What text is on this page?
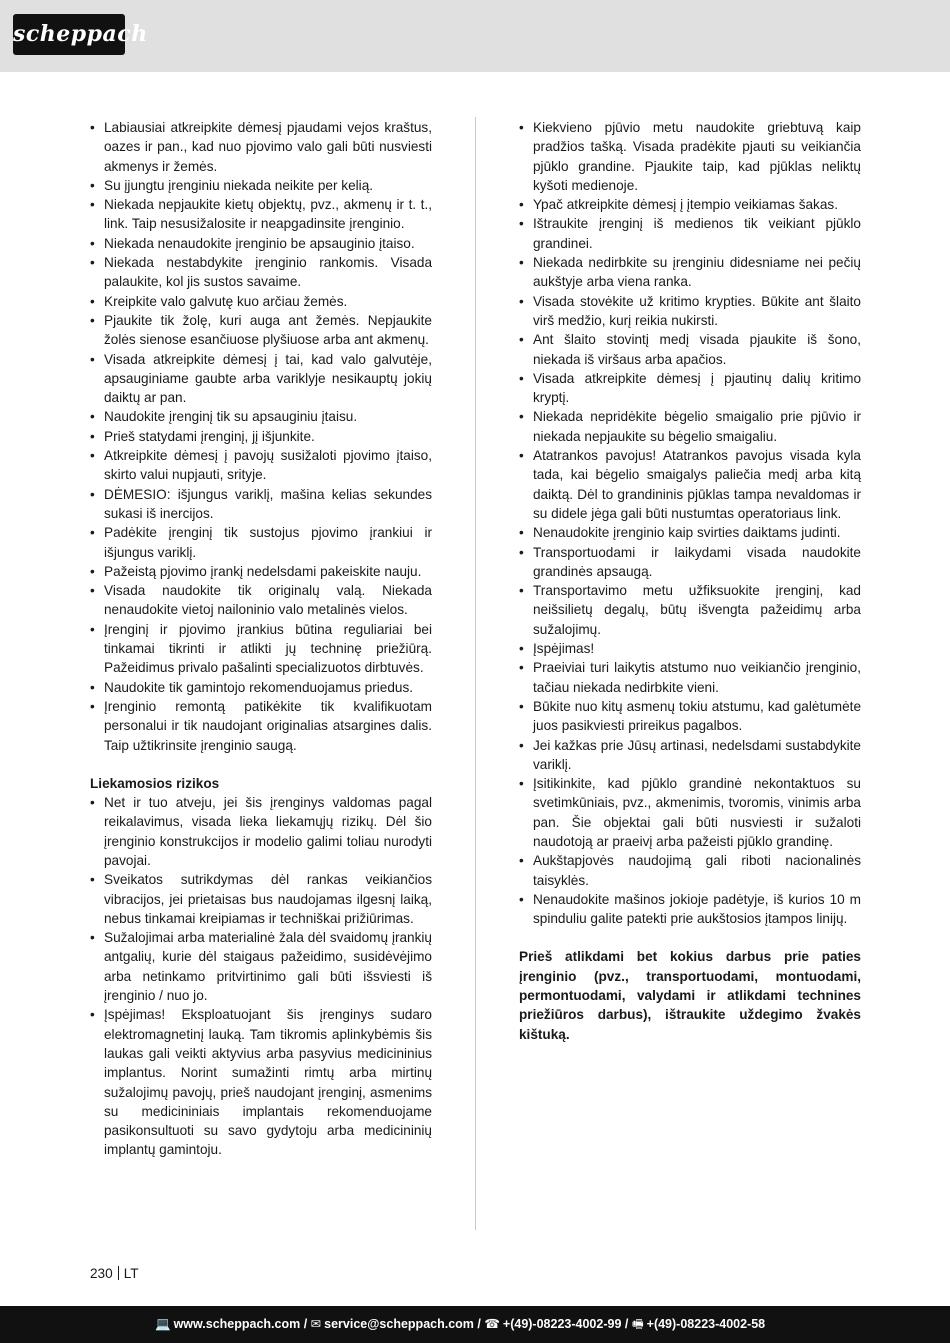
scheppach
• Labiausiai atkreipkite dėmesį pjaudami vejos kraštus, oazes ir pan., kad nuo pjovimo valo gali būti nusviesti akmenys ir žemės.
• Su įjungtu įrenginiu niekada neikite per kelią.
• Niekada nepjaukite kietų objektų, pvz., akmenų ir t. t., link. Taip nesusižalosite ir neapgadinsite įrenginio.
• Niekada nenaudokite įrenginio be apsauginio įtaiso.
• Niekada nestabdykite įrenginio rankomis. Visada palaukite, kol jis sustos savaime.
• Kreipkite valo galvutę kuo arčiau žemės.
• Pjaukite tik žolę, kuri auga ant žemės. Nepjaukite žolės sienose esančiuose plyšiuose arba ant akmenų.
• Visada atkreipkite dėmesį į tai, kad valo galvutėje, apsauginiame gaubte arba variklyje nesikauptų jokių daiktų ar pan.
• Naudokite įrenginį tik su apsauginiu įtaisu.
• Prieš statydami įrenginį, jį išjunkite.
• Atkreipkite dėmesį į pavojų susižaloti pjovimo įtaiso, skirto valui nupjauti, srityje.
• DĖMESIO: išjungus variklį, mašina kelias sekundes sukasi iš inercijos.
• Padėkite įrenginį tik sustojus pjovimo įrankiui ir išjungus variklį.
• Pažeistą pjovimo įrankį nedelsdami pakeiskite nauju.
• Visada naudokite tik originalų valą. Niekada nenaudokite vietoj nailoninio valo metalinės vielos.
• Įrenginį ir pjovimo įrankius būtina reguliariai bei tinkamai tikrinti ir atlikti jų techninę priežiūrą. Pažeidimus privalo pašalinti specializuotos dirbtuvės.
• Naudokite tik gamintojo rekomenduojamus priedus.
• Įrenginio remontą patikėkite tik kvalifikuotam personalui ir tik naudojant originalias atsargines dalis. Taip užtikrinsite įrenginio saugą.
Liekamosios rizikos
• Net ir tuo atveju, jei šis įrenginys valdomas pagal reikalavimus, visada lieka liekamųjų rizikų. Dėl šio įrenginio konstrukcijos ir modelio galimi toliau nurodyti pavojai.
• Sveikatos sutrikdymas dėl rankas veikiančios vibracijos, jei prietaisas bus naudojamas ilgesnį laiką, nebus tinkamai kreipiamas ir techniškai prižiūrimas.
• Sužalojimai arba materialinė žala dėl svaidomų įrankių antgalių, kurie dėl staigaus pažeidimo, susidėvėjimo arba netinkamo pritvirtinimo gali būti išsviesti iš įrenginio / nuo jo.
• Įspėjimas! Eksploatuojant šis įrenginys sudaro elektromagnetinį lauką. Tam tikromis aplinkybėmis šis laukas gali veikti aktyvius arba pasyvius medicininius implantus. Norint sumažinti rimtų arba mirtinų sužalojimų pavojų, prieš naudojant įrenginį, asmenims su medicininiais implantais rekomenduojame pasikonsultuoti su savo gydytoju arba medicininių implantų gamintoju.
• Kiekvieno pjūvio metu naudokite griebtuvą kaip pradžios tašką. Visada pradėkite pjauti su veikiančia pjūklo grandine. Pjaukite taip, kad pjūklas neliktų kyšoti medienoje.
• Ypač atkreipkite dėmesį į įtempio veikiamas šakas.
• Ištraukite įrenginį iš medienos tik veikiant pjūklo grandinei.
• Niekada nedirbkite su įrenginiu didesniame nei pečių aukštyje arba viena ranka.
• Visada stovėkite už kritimo krypties. Būkite ant šlaito virš medžio, kurį reikia nukirsti.
• Ant šlaito stovintį medį visada pjaukite iš šono, niekada iš viršaus arba apačios.
• Visada atkreipkite dėmesį į pjautinų dalių kritimo kryptį.
• Niekada nepridėkite bėgelio smaigalio prie pjūvio ir niekada nepjaukite su bėgelio smaigaliu.
• Atatrankos pavojus! Atatrankos pavojus visada kyla tada, kai bėgelio smaigalys paliečia medį arba kitą daiktą. Dėl to grandininis pjūklas tampa nevaldomas ir su didele jėga gali būti nustumtas operatoriaus link.
• Nenaudokite įrenginio kaip svirties daiktams judinti.
• Transportuodami ir laikydami visada naudokite grandinės apsaugą.
• Transportavimo metu užfiksuokite įrenginį, kad neišsilietų degalų, būtų išvengta pažeidimų arba sužalojimų.
• Įspėjimas!
• Praeiviai turi laikytis atstumo nuo veikiančio įrenginio, tačiau niekada nedirbkite vieni.
• Būkite nuo kitų asmenų tokiu atstumu, kad galėtumėte juos pasikviesti prireikus pagalbos.
• Jei kažkas prie Jūsų artinasi, nedelsdami sustabdykite variklį.
• Įsitikinkite, kad pjūklo grandinė nekontaktuos su svetimkūniais, pvz., akmenimis, tvoromis, vinimis arba pan. Šie objektai gali būti nusviesti ir sužaloti naudotoją ar praeivį arba pažeisti pjūklo grandinę.
• Aukštapjovės naudojimą gali riboti nacionalinės taisyklės.
• Nenaudokite mašinos jokioje padėtyje, iš kurios 10 m spinduliu galite patekti prie aukštosios įtampos linijų.
Prieš atlikdami bet kokius darbus prie paties įrenginio (pvz., transportuodami, montuodami, permontuodami, valydami ir atlikdami technines priežiūros darbus), ištraukite uždegimo žvakės kištuką.
230 LT
💻 www.scheppach.com / ✉ service@scheppach.com / ☎ +(49)-08223-4002-99 / 🖷 +(49)-08223-4002-58
